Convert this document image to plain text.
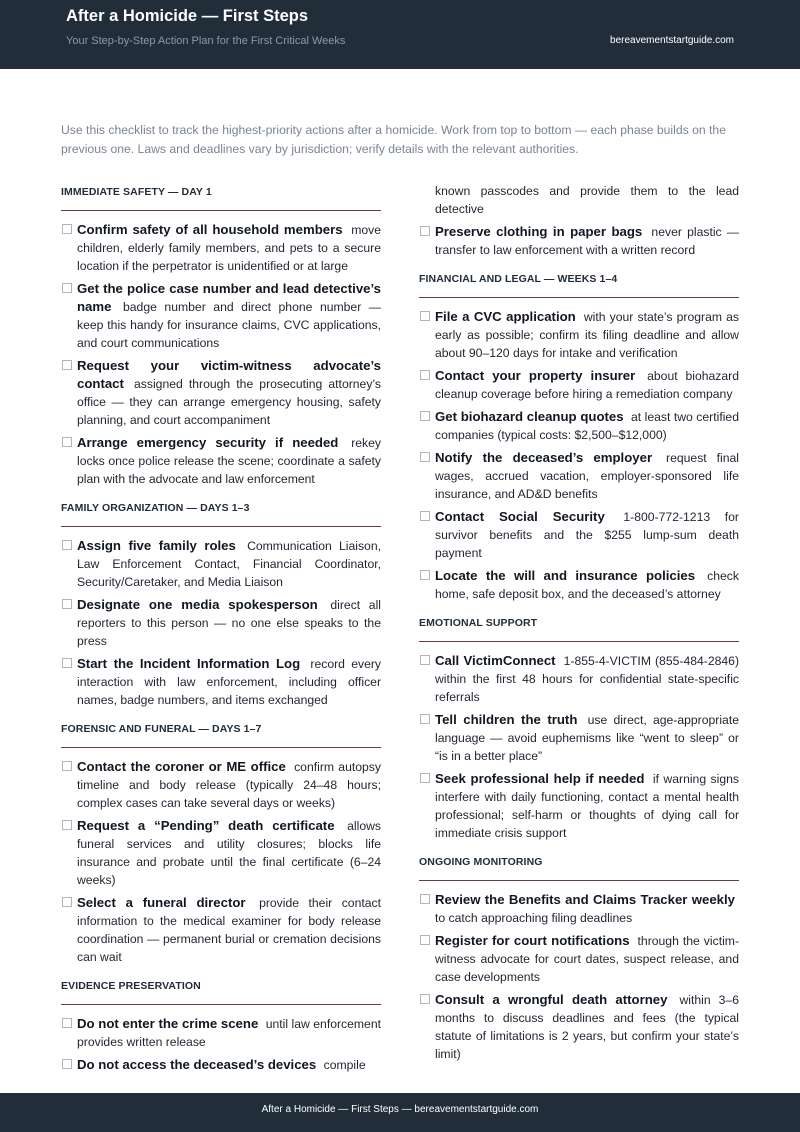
After a Homicide — First Steps
Your Step-by-Step Action Plan for the First Critical Weeks	bereavementstartguide.com
Use this checklist to track the highest-priority actions after a homicide. Work from top to bottom — each phase builds on the previous one. Laws and deadlines vary by jurisdiction; verify details with the relevant authorities.
IMMEDIATE SAFETY — DAY 1
Confirm safety of all household members move children, elderly family members, and pets to a secure location if the perpetrator is unidentified or at large
Get the police case number and lead detective’s name badge number and direct phone number — keep this handy for insurance claims, CVC applications, and court communications
Request your victim-witness advocate’s contact assigned through the prosecuting attorney’s office — they can arrange emergency housing, safety planning, and court accompaniment
Arrange emergency security if needed rekey locks once police release the scene; coordinate a safety plan with the advocate and law enforcement
FAMILY ORGANIZATION — DAYS 1–3
Assign five family roles Communication Liaison, Law Enforcement Contact, Financial Coordinator, Security/Caretaker, and Media Liaison
Designate one media spokesperson direct all reporters to this person — no one else speaks to the press
Start the Incident Information Log record every interaction with law enforcement, including officer names, badge numbers, and items exchanged
FORENSIC AND FUNERAL — DAYS 1–7
Contact the coroner or ME office confirm autopsy timeline and body release (typically 24–48 hours; complex cases can take several days or weeks)
Request a “Pending” death certificate allows funeral services and utility closures; blocks life insurance and probate until the final certificate (6–24 weeks)
Select a funeral director provide their contact information to the medical examiner for body release coordination — permanent burial or cremation decisions can wait
EVIDENCE PRESERVATION
Do not enter the crime scene until law enforcement provides written release
Do not access the deceased’s devices compile
known passcodes and provide them to the lead detective
Preserve clothing in paper bags never plastic — transfer to law enforcement with a written record
FINANCIAL AND LEGAL — WEEKS 1–4
File a CVC application with your state’s program as early as possible; confirm its filing deadline and allow about 90–120 days for intake and verification
Contact your property insurer about biohazard cleanup coverage before hiring a remediation company
Get biohazard cleanup quotes at least two certified companies (typical costs: $2,500–$12,000)
Notify the deceased’s employer request final wages, accrued vacation, employer-sponsored life insurance, and AD&D benefits
Contact Social Security 1-800-772-1213 for survivor benefits and the $255 lump-sum death payment
Locate the will and insurance policies check home, safe deposit box, and the deceased’s attorney
EMOTIONAL SUPPORT
Call VictimConnect 1-855-4-VICTIM (855-484-2846) within the first 48 hours for confidential state-specific referrals
Tell children the truth use direct, age-appropriate language — avoid euphemisms like “went to sleep” or “is in a better place”
Seek professional help if needed if warning signs interfere with daily functioning, contact a mental health professional; self-harm or thoughts of dying call for immediate crisis support
ONGOING MONITORING
Review the Benefits and Claims Tracker weekly to catch approaching filing deadlines
Register for court notifications through the victim-witness advocate for court dates, suspect release, and case developments
Consult a wrongful death attorney within 3–6 months to discuss deadlines and fees (the typical statute of limitations is 2 years, but confirm your state’s limit)
After a Homicide — First Steps — bereavementstartguide.com
